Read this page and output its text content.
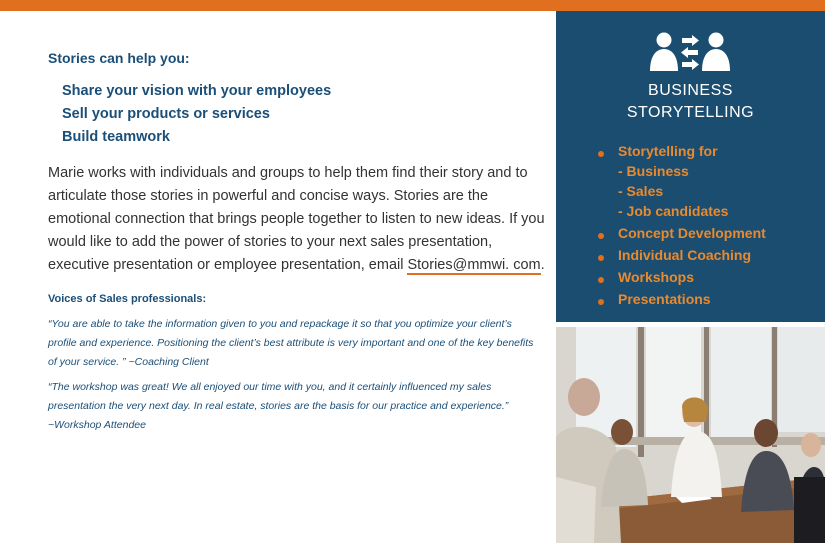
Stories can help you:

Share your vision with your employees
Sell your products or services
Build teamwork

Marie works with individuals and groups to help them find their story and to articulate those stories in powerful and concise ways. Stories are the emotional connection that brings people together to listen to new ideas. If you would like to add the power of stories to your next sales presentation, executive presentation or employee presentation, email Stories@mmwi. com.

Voices of Sales professionals:

“You are able to take the information given to you and repackage it so that you optimize your client’s profile and experience. Positioning the client’s best attribute is very important and one of the key benefits of your service. ” ~Coaching Client

“The workshop was great! We all enjoyed our time with you, and it certainly influenced my sales presentation the very next day. In real estate, stories are the basis for our practice and experience.” ~Workshop Attendee

BUSINESS
STORYTELLING
Storytelling for
- Business
- Sales
- Job candidates
Concept Development
Individual Coaching
Workshops
Presentations
